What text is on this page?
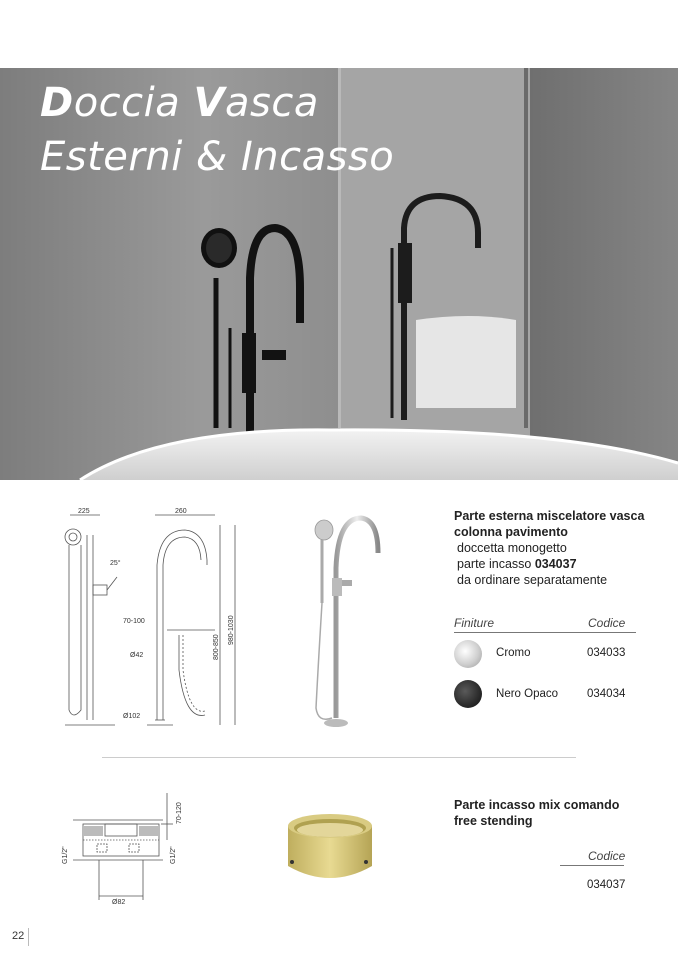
Doccia Vasca
Esterni & Incasso
225	260
25°
70-100
Ø42
Ø102
800-850
980-1030
Parte esterna miscelatore vasca
colonna pavimento
doccetta monogetto
parte incasso 034037
da ordinare separatamente
Finiture	Codice
Cromo	034033
Nero Opaco	034034
70-120
G1/2"	G1/2"
Ø82
Parte incasso mix comando
free stending
Codice
034037
22
